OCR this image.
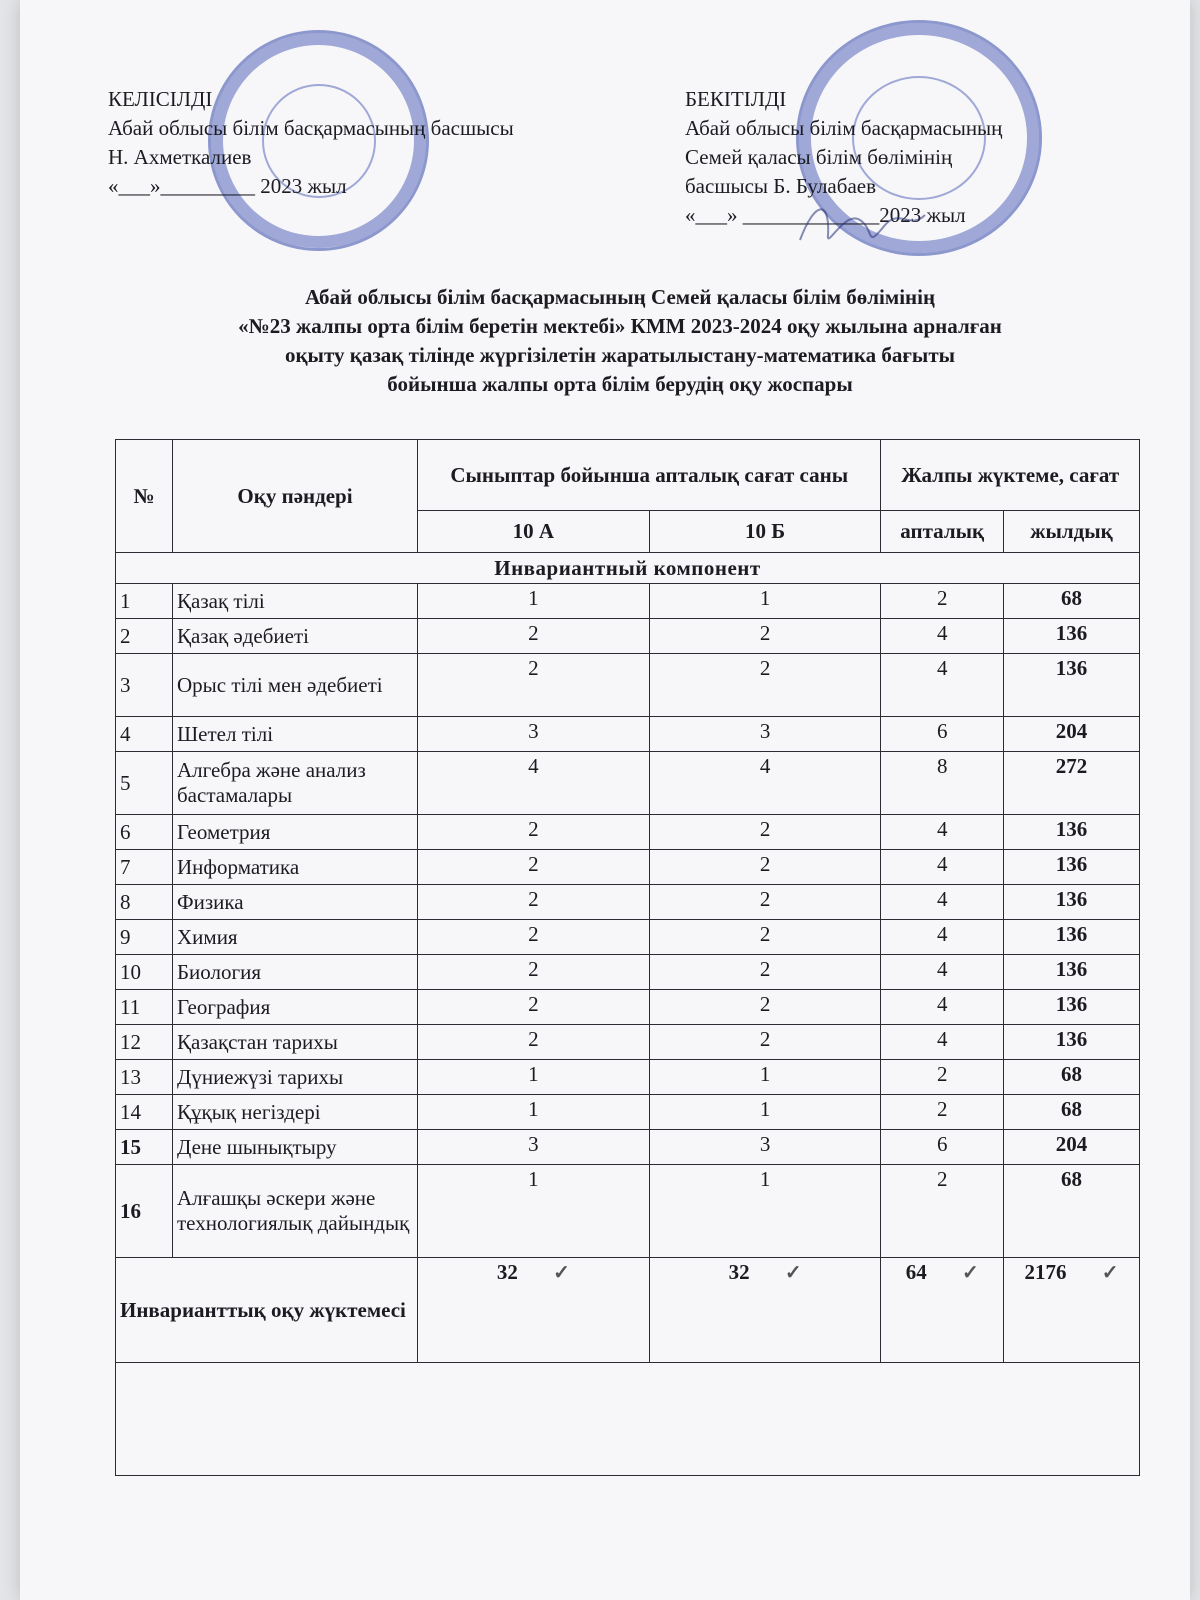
КЕЛІСІЛДІ
Абай облысы білім басқармасының басшысы
Н. Ахметкалиев
«___»_________ 2023 жыл
БЕКІТІЛДІ
Абай облысы білім басқармасының
Семей қаласы білім бөлімінің
басшысы Б. Булабаев
«___» _____________2023 жыл
Абай облысы білім басқармасының Семей қаласы білім бөлімінің
«№23 жалпы орта білім беретін мектебі» КММ 2023-2024 оқу жылына арналған
оқыту қазақ тілінде жүргізілетін жаратылыстану-математика бағыты
бойынша жалпы орта білім берудің оқу жоспары
№	Оқу пәндері	Сыныптар бойынша апталық сағат саны		Жалпы жүктеме, сағат	
		10 А	10 Б	апталық	жылдық
Инвариантный компонент					
1	Қазақ тілі	1	1	2	68
2	Қазақ әдебиеті	2	2	4	136
3	Орыс тілі мен әдебиеті	2	2	4	136
4	Шетел тілі	3	3	6	204
5	Алгебра және анализ бастамалары	4	4	8	272
6	Геометрия	2	2	4	136
7	Информатика	2	2	4	136
8	Физика	2	2	4	136
9	Химия	2	2	4	136
10	Биология	2	2	4	136
11	География	2	2	4	136
12	Қазақстан тарихы	2	2	4	136
13	Дүниежүзі тарихы	1	1	2	68
14	Құқық негіздері	1	1	2	68
15	Дене шынықтыру	3	3	6	204
16	Алғашқы әскери және технологиялық дайындық	1	1	2	68
Инварианттық оқу жүктемесі		32 ✓	32 ✓	64 ✓	2176 ✓
